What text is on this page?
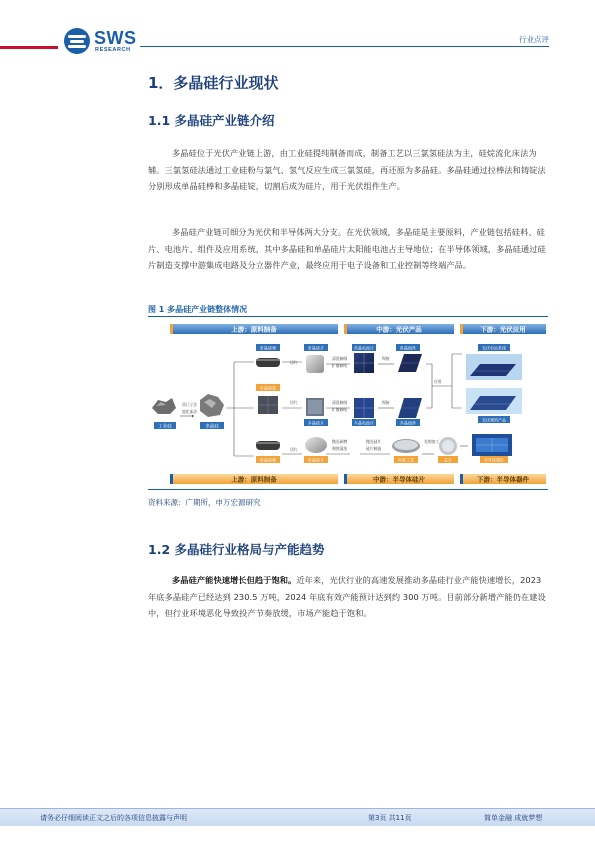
SWS
RESEARCH
行业点评
1．多晶硅行业现状
1.1 多晶硅产业链介绍
多晶硅位于光伏产业链上游，由工业硅提纯制备而成，制备工艺以三氯氢硅法为主，硅烷流化床法为辅。三氯氢硅法通过工业硅粉与氯气、氢气反应生成三氯氢硅，再还原为多晶硅。多晶硅通过拉棒法和铸锭法分别形成单晶硅棒和多晶硅锭，切割后成为硅片，用于光伏组件生产。
多晶硅产业链可细分为光伏和半导体两大分支。在光伏领域，多晶硅是主要原料，产业链包括硅料、硅片、电池片、组件及应用系统，其中多晶硅和单晶硅片太阳能电池占主导地位；在半导体领域，多晶硅通过硅片制造支撑中游集成电路及分立器件产业，最终应用于电子设备和工业控制等终端产品。
图 1 多晶硅产业链整体情况
上游：原料制备	中游：光伏产品	下游：光伏应用
上游：原料制备	中游：半导体硅片	下游：半导体器件
工业硅
西门子法
流化床法
多晶硅
单晶硅棒
切片
单晶硅片
清洗制绒
扩散制结
单晶电池片
焊接
单晶组件
多晶硅锭
切片
多晶硅片
清洗制绒
扩散制结
多晶电池片
焊接
多晶组件
应用
光伏电站系统
光伏建筑产品
单晶硅棒
切片
单晶硅片
抛光研磨
刻蚀清洗
抛光硅片
硅片制造
外延工艺
光刻加工
芯片	半导体器件
资料来源：广期所，申万宏源研究
1.2 多晶硅行业格局与产能趋势
多晶硅产能快速增长但趋于饱和。近年来，光伏行业的高速发展推动多晶硅行业产能快速增长，2023 年底多晶硅产已经达到 230.5 万吨，2024 年底有效产能预计达到约 300 万吨。目前部分新增产能仍在建设中，但行业环境恶化导致投产节奏放缓，市场产能趋于饱和。
请务必仔细阅读正文之后的各项信息披露与声明	第3页 共11页	简单金融 成就梦想
